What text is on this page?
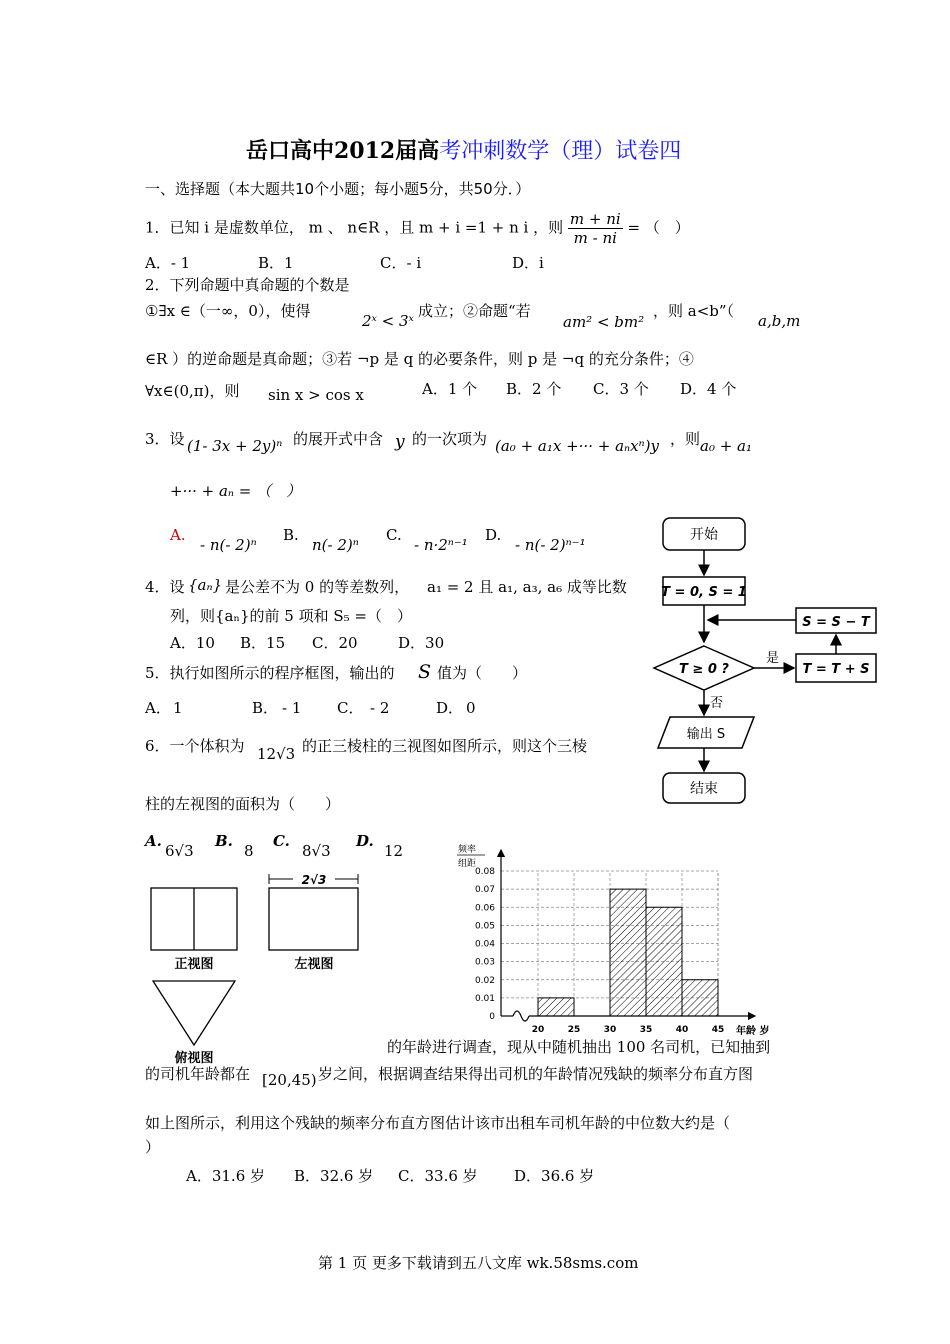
岳口高中2012届高考冲刺数学（理）试卷四
一、选择题（本大题共10个小题；每小题5分，共50分．）
1．已知 i 是虚数单位， m 、 n∈R ，且 m + i =1 + n i ，则 $\frac{m + ni}{m - ni}$ = （　）
A．- 1	B．1	C．- i	D．i
2．下列命题中真命题的个数是
①∃x ∈（一∞，0），使得
2ˣ < 3ˣ
成立；②命题“若
am² < bm²
，则 a<b”（
a,b,m
∈R ）的逆命题是真命题；③若 ¬p 是 q 的必要条件，则 p 是 ¬q 的充分条件；④
∀x∈(0,π)，则 sin x > cos x	A．1 个 B．2 个 C．3 个 D．4 个
3．设 (1- 3x + 2y)ⁿ 的展开式中含 y 的一次项为 (a₀ + a₁x +··· + aₙxⁿ)y ，则 a₀ + a₁
+··· + aₙ = （　）
A.
- n(- 2)ⁿ
B.
n(- 2)ⁿ
C.
- n·2ⁿ⁻¹
D.
- n(- 2)ⁿ⁻¹
4．设 {aₙ} 是公差不为 0 的等差数列， a₁ = 2 且 a₁, a₃, a₆ 成等比数
列，则{aₙ}的前 5 项和 S₅ =（　）
A．10 B．15 C．20	D．30
5．执行如图所示的程序框图，输出的 S 值为（　　）
A． 1	B． - 1 C． - 2	D． 0
6．一个体积为 12√3 的正三棱柱的三视图如图所示，则这个三棱
柱的左视图的面积为（　　）
A.
6√3
B.
8
C.
8√3
D.
12
开始
T = 0, S = 1
S = S − T
T ≥ 0 ?
是
T = T + S
否
输出 S
结束
正视图
2√3
左视图
俯视图
频率
组距
0
0.01
0.02
0.03
0.04
0.05
0.06
0.07
0.08
20	25	30	35	40	45 年龄 岁
的年龄进行调查，现从中随机抽出 100 名司机，已知抽到
的司机年龄都在 [20,45) 岁之间，根据调查结果得出司机的年龄情况残缺的频率分布直方图
如上图所示，利用这个残缺的频率分布直方图估计该市出租车司机年龄的中位数大约是（
）
A．31.6 岁 B．32.6 岁 C．33.6 岁 D．36.6 岁
第 1 页 更多下载请到五八文库 wk.58sms.com
